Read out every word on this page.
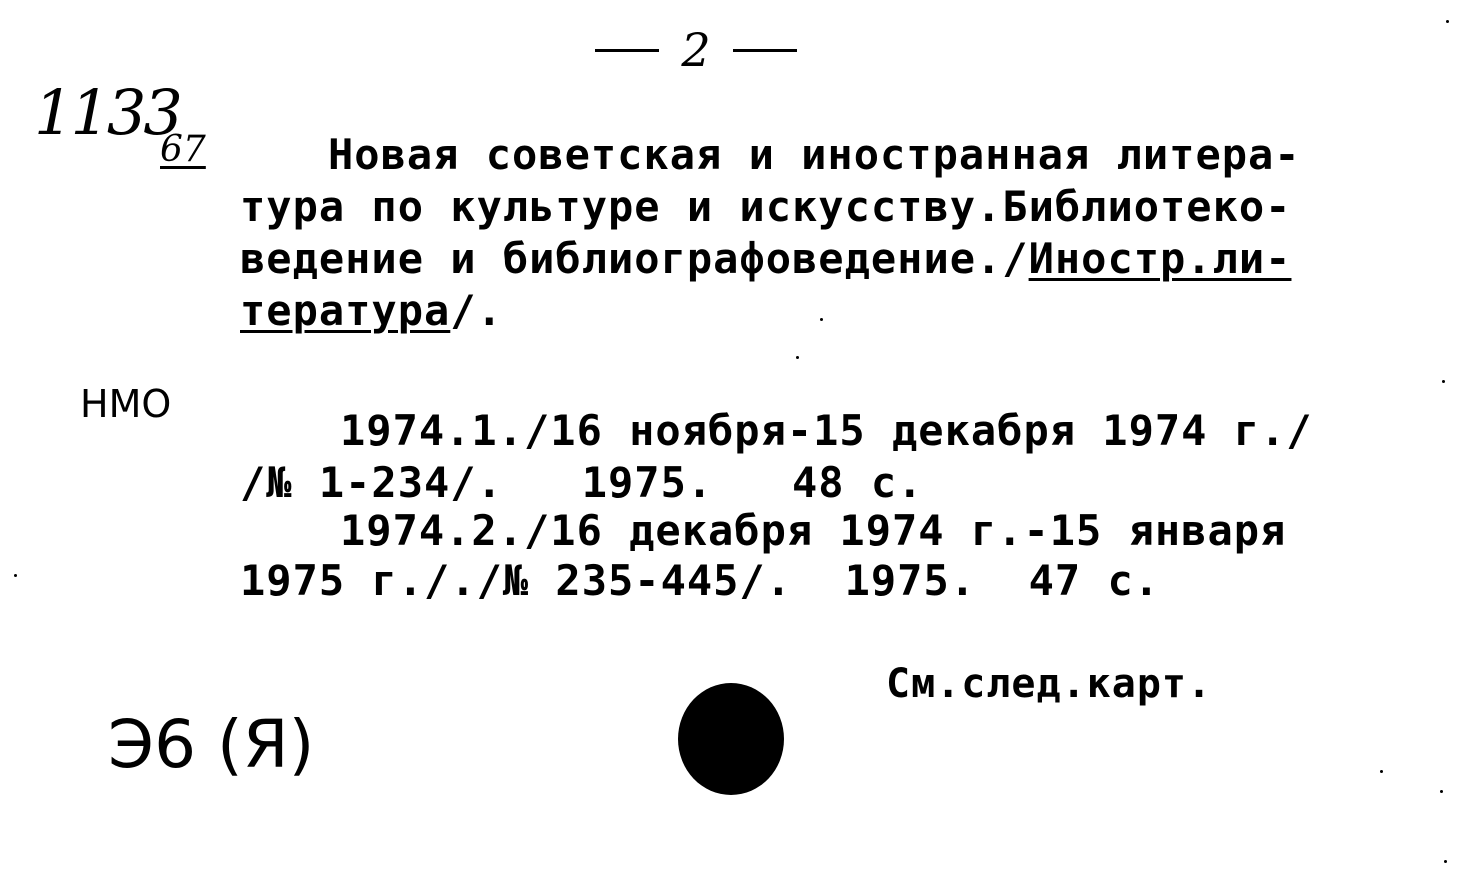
2
1133
67	Новая советская и иностранная литера-
тура по культуре и искусству.Библиотеко-
ведение и библиографоведение./Иностр.ли-
тература/.
НМО
1974.1./16 ноября-15 декабря 1974 г./
/№ 1-234/.   1975.   48 с.
1974.2./16 декабря 1974 г.-15 января
1975 г././№ 235-445/.  1975.  47 с.
См.след.карт.
Э6 (Я)
